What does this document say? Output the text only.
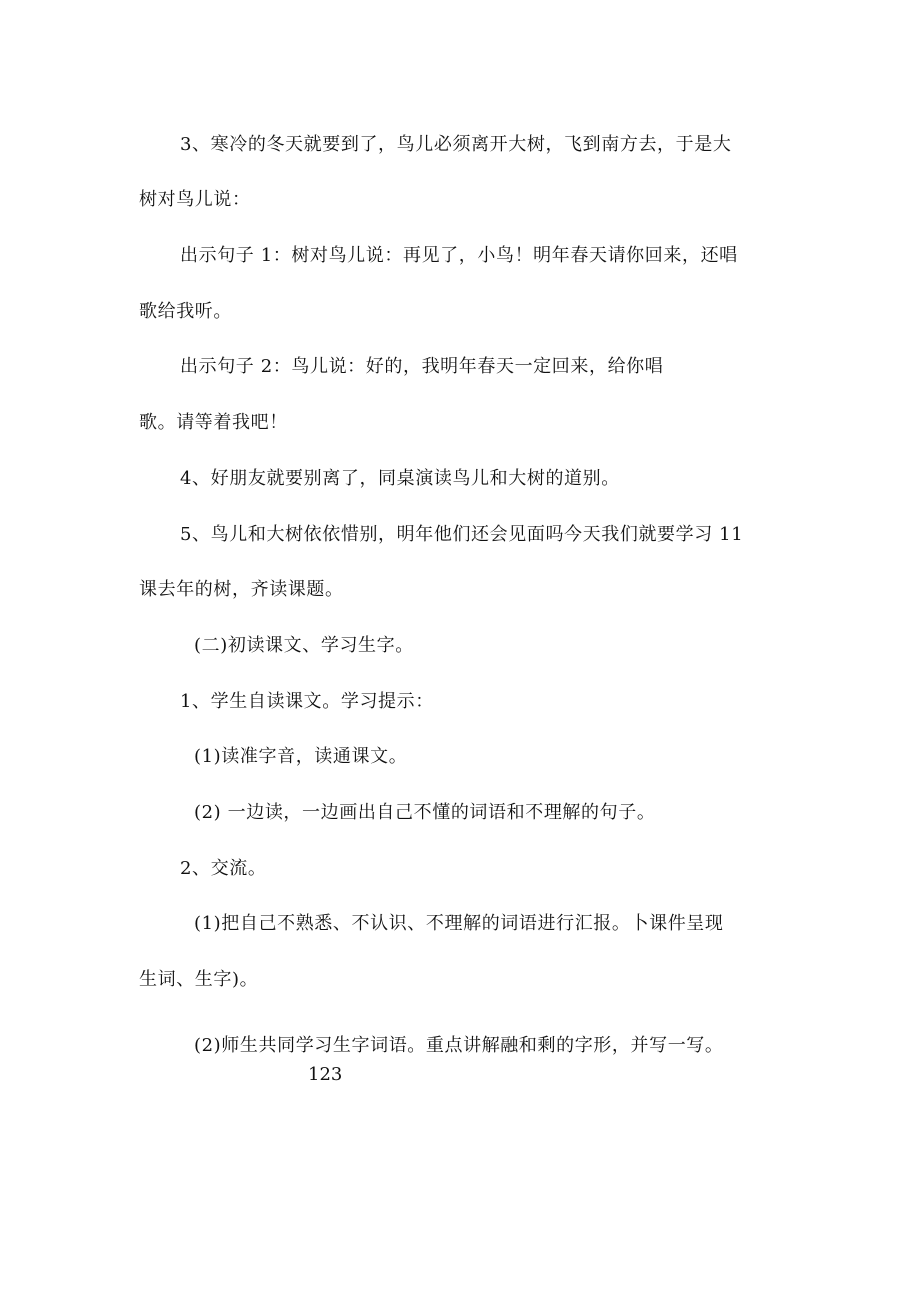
3、寒冷的冬天就要到了，鸟儿必须离开大树，飞到南方去，于是大
树对鸟儿说：
出示句子 1：树对鸟儿说：再见了，小鸟！明年春天请你回来，还唱
歌给我听。
出示句子 2：鸟儿说：好的，我明年春天一定回来，给你唱
歌。请等着我吧！
4、好朋友就要别离了，同桌演读鸟儿和大树的道别。
5、鸟儿和大树依依惜别，明年他们还会见面吗今天我们就要学习 11
课去年的树，齐读课题。
(二)初读课文、学习生字。
1、学生自读课文。学习提示：
(1)读准字音，读通课文。
(2) 一边读，一边画出自己不懂的词语和不理解的句子。
2、交流。
(1)把自己不熟悉、不认识、不理解的词语进行汇报。卜课件呈现
生词、生字)。
(2)师生共同学习生字词语。重点讲解融和剩的字形，并写一写。
123
